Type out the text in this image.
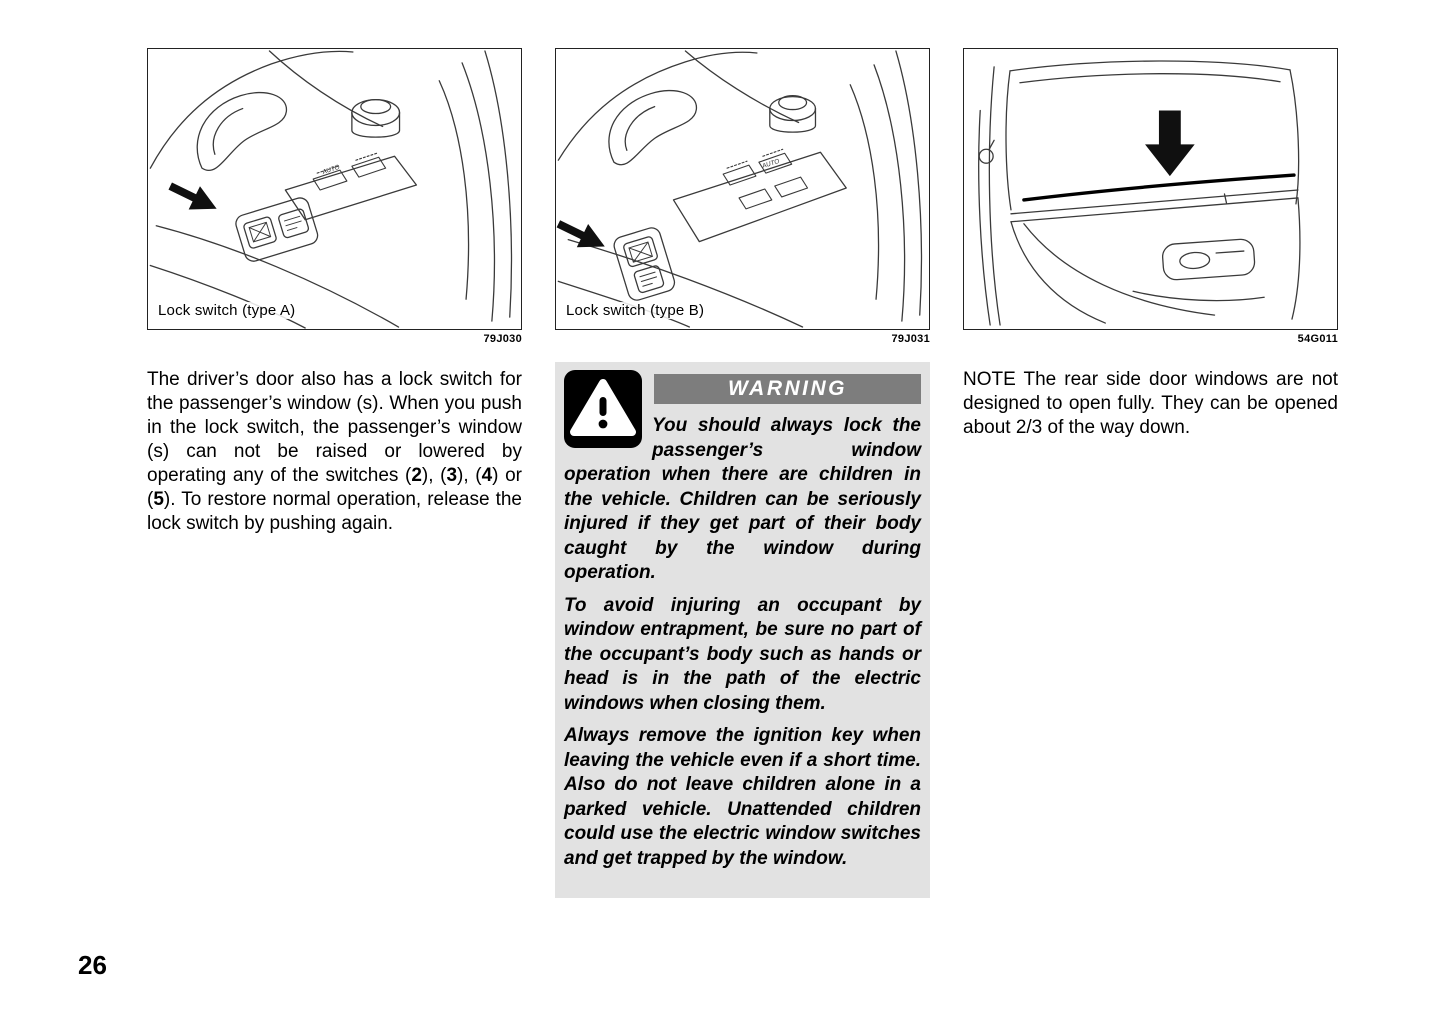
AUTO
Lock switch (type A)
79J030
AUTO
Lock switch (type B)
79J031	54G011
The driver’s door also has a lock switch for the passenger’s window (s). When you push in the lock switch, the passenger’s window (s) can not be raised or lowered by operating any of the switches (2), (3), (4) or (5). To restore normal operation, release the lock switch by pushing again.
WARNING

You should always lock the passenger’s window operation when there are children in the vehicle. Children can be seriously injured if they get part of their body caught by the window during operation.

To avoid injuring an occupant by window entrapment, be sure no part of the occupant’s body such as hands or head is in the path of the electric windows when closing them.

Always remove the ignition key when leaving the vehicle even if a short time. Also do not leave children alone in a parked vehicle. Unattended children could use the electric window switches and get trapped by the window.

NOTE The rear side door windows are not designed to open fully. They can be opened about 2/3 of the way down.
26
